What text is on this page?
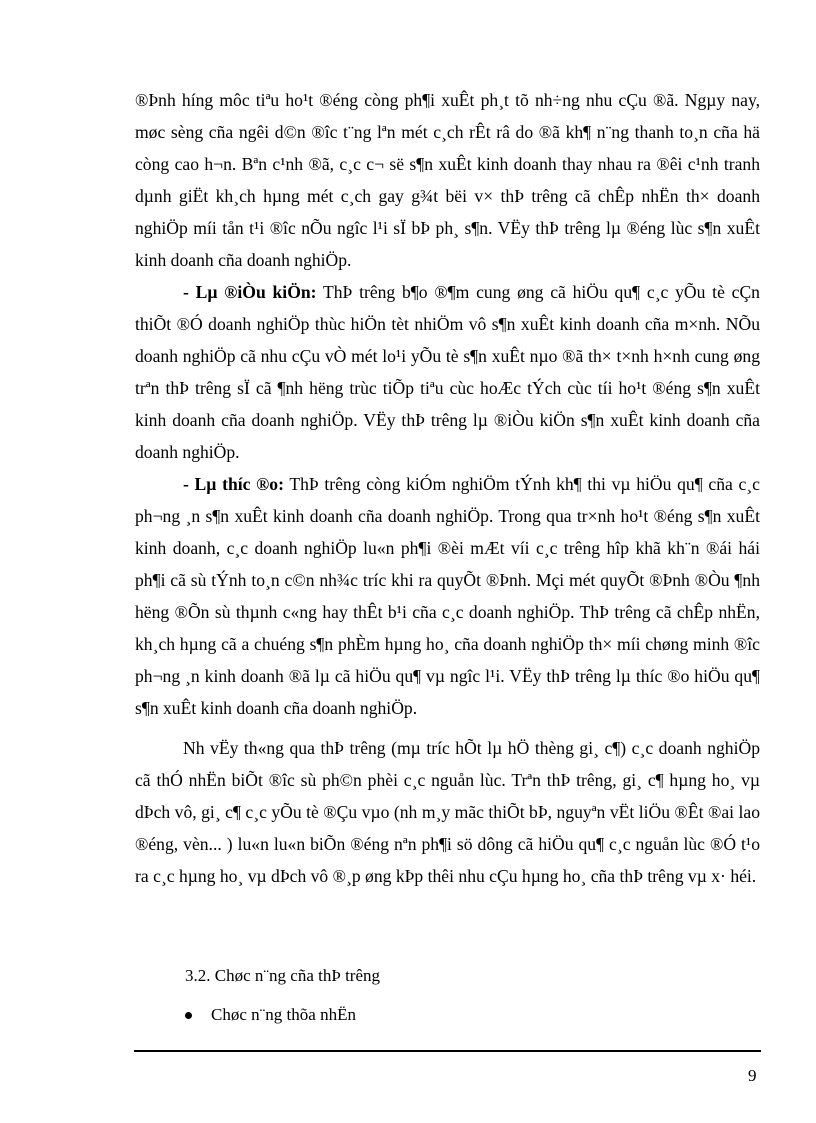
®Þnh híng môc tiªu ho¹t ®éng còng ph¶i xuÊt ph¸t tõ nh÷ng nhu cÇu ®ã. Ngµy nay, møc sèng cña ngêi d©n ®îc t¨ng lªn mét c¸ch rÊt râ do ®ã kh¶ n¨ng thanh to¸n cña hä còng cao h¬n. Bªn c¹nh ®ã, c¸c c¬ së s¶n xuÊt kinh doanh thay nhau ra ®êi c¹nh tranh dµnh giËt kh¸ch hµng mét c¸ch gay g¾t bëi v× thÞ trêng cã chÊp nhËn th× doanh nghiÖp míi tån t¹i ®îc nÕu ngîc l¹i sÏ bÞ ph¸ s¶n. VËy thÞ trêng lµ ®éng lùc s¶n xuÊt kinh doanh cña doanh nghiÖp.

- Lµ ®iÒu kiÖn: ThÞ trêng b¶o ®¶m cung øng cã hiÖu qu¶ c¸c yÕu tè cÇn thiÕt ®Ó doanh nghiÖp thùc hiÖn tèt nhiÖm vô s¶n xuÊt kinh doanh cña m×nh. NÕu doanh nghiÖp cã nhu cÇu vÒ mét lo¹i yÕu tè s¶n xuÊt nµo ®ã th× t×nh h×nh cung øng trªn thÞ trêng sÏ cã ¶nh hëng trùc tiÕp tiªu cùc hoÆc tÝch cùc tíi ho¹t ®éng s¶n xuÊt kinh doanh cña doanh nghiÖp. VËy thÞ trêng lµ ®iÒu kiÖn s¶n xuÊt kinh doanh cña doanh nghiÖp.

- Lµ thíc ®o: ThÞ trêng còng kiÓm nghiÖm tÝnh kh¶ thi vµ hiÖu qu¶ cña c¸c ph¬ng ¸n s¶n xuÊt kinh doanh cña doanh nghiÖp. Trong qua tr×nh ho¹t ®éng s¶n xuÊt kinh doanh, c¸c doanh nghiÖp lu«n ph¶i ®èi mÆt víi c¸c trêng hîp khã kh¨n ®ái hái ph¶i cã sù tÝnh to¸n c©n nh¾c tríc khi ra quyÕt ®Þnh. Mçi mét quyÕt ®Þnh ®Òu ¶nh hëng ®Õn sù thµnh c«ng hay thÊt b¹i cña c¸c doanh nghiÖp. ThÞ trêng cã chÊp nhËn, kh¸ch hµng cã a chuéng s¶n phÈm hµng ho¸ cña doanh nghiÖp th× míi chøng minh ®îc ph¬ng ¸n kinh doanh ®ã lµ cã hiÖu qu¶ vµ ngîc l¹i. VËy thÞ trêng lµ thíc ®o hiÖu qu¶ s¶n xuÊt kinh doanh cña doanh nghiÖp.

Nh vËy th«ng qua thÞ trêng (mµ tríc hÕt lµ hÖ thèng gi¸ c¶) c¸c doanh nghiÖp cã thÓ nhËn biÕt ®îc sù ph©n phèi c¸c nguån lùc. Trªn thÞ trêng, gi¸ c¶ hµng ho¸ vµ dÞch vô, gi¸ c¶ c¸c yÕu tè ®Çu vµo (nh m¸y mãc thiÕt bÞ, nguyªn vËt liÖu ®Êt ®ai lao ®éng, vèn... ) lu«n lu«n biÕn ®éng nªn ph¶i sö dông cã hiÖu qu¶ c¸c nguån lùc ®Ó t¹o ra c¸c hµng ho¸ vµ dÞch vô ®¸p øng kÞp thêi nhu cÇu hµng ho¸ cña thÞ trêng vµ x· héi.

3.2. Chøc n¨ng cña thÞ trêng
Chøc n¨ng thõa nhËn
9
